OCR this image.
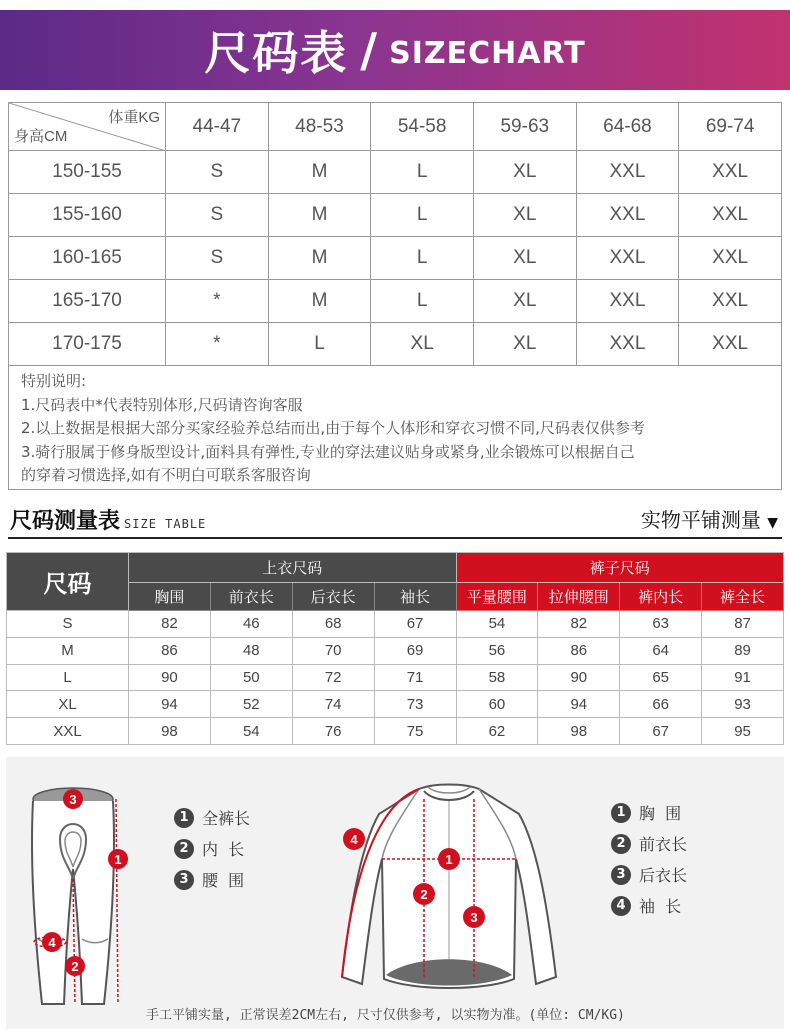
尺码表 / SIZECHART
体重KG
身高CM	44-47	48-53	54-58	59-63	64-68	69-74
150-155	S	M	L	XL	XXL	XXL
155-160	S	M	L	XL	XXL	XXL
160-165	S	M	L	XL	XXL	XXL
165-170	*	M	L	XL	XXL	XXL
170-175	*	L	XL	XL	XXL	XXL
特别说明:
1.尺码表中*代表特别体形,尺码请咨询客服
2.以上数据是根据大部分买家经验养总结而出,由于每个人体形和穿衣习惯不同,尺码表仅供参考
3.骑行服属于修身版型设计,面料具有弹性,专业的穿法建议贴身或紧身,业余锻炼可以根据自己
的穿着习惯选择,如有不明白可联系客服咨询
尺码测量表 SIZE TABLE	实物平铺测量 ▼
尺码	上衣尺码				裤子尺码			
	胸围	前衣长	后衣长	袖长	平量腰围	拉伸腰围	裤内长	裤全长
S	82	46	68	67	54	82	63	87
M	86	48	70	69	56	86	64	89
L	90	50	72	71	58	90	65	91
XL	94	52	74	73	60	94	66	93
XXL	98	54	76	75	62	98	67	95
3
1
4
2
1 全裤长
2 内  长
3 腰  围
4
1
2
3
1 胸  围
2 前衣长
3 后衣长
4 袖  长
手工平铺实量, 正常误差2CM左右, 尺寸仅供参考, 以实物为准。(单位: CM/KG)
